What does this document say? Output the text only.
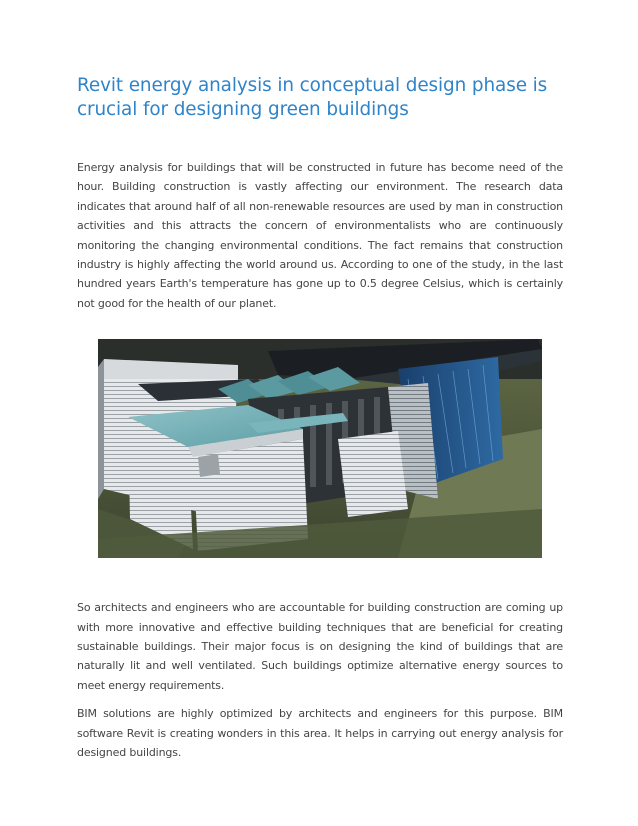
Revit energy analysis in conceptual design phase is crucial for designing green buildings

Energy analysis for buildings that will be constructed in future has become need of the hour. Building construction is vastly affecting our environment. The research data indicates that around half of all non-renewable resources are used by man in construction activities and this attracts the concern of environmentalists who are continuously monitoring the changing environmental conditions. The fact remains that construction industry is highly affecting the world around us. According to one of the study, in the last hundred years Earth's temperature has gone up to 0.5 degree Celsius, which is certainly not good for the health of our planet.

So architects and engineers who are accountable for building construction are coming up with more innovative and effective building techniques that are beneficial for creating sustainable buildings. Their major focus is on designing the kind of buildings that are naturally lit and well ventilated. Such buildings optimize alternative energy sources to meet energy requirements.

BIM solutions are highly optimized by architects and engineers for this purpose. BIM software Revit is creating wonders in this area. It helps in carrying out energy analysis for designed buildings.
